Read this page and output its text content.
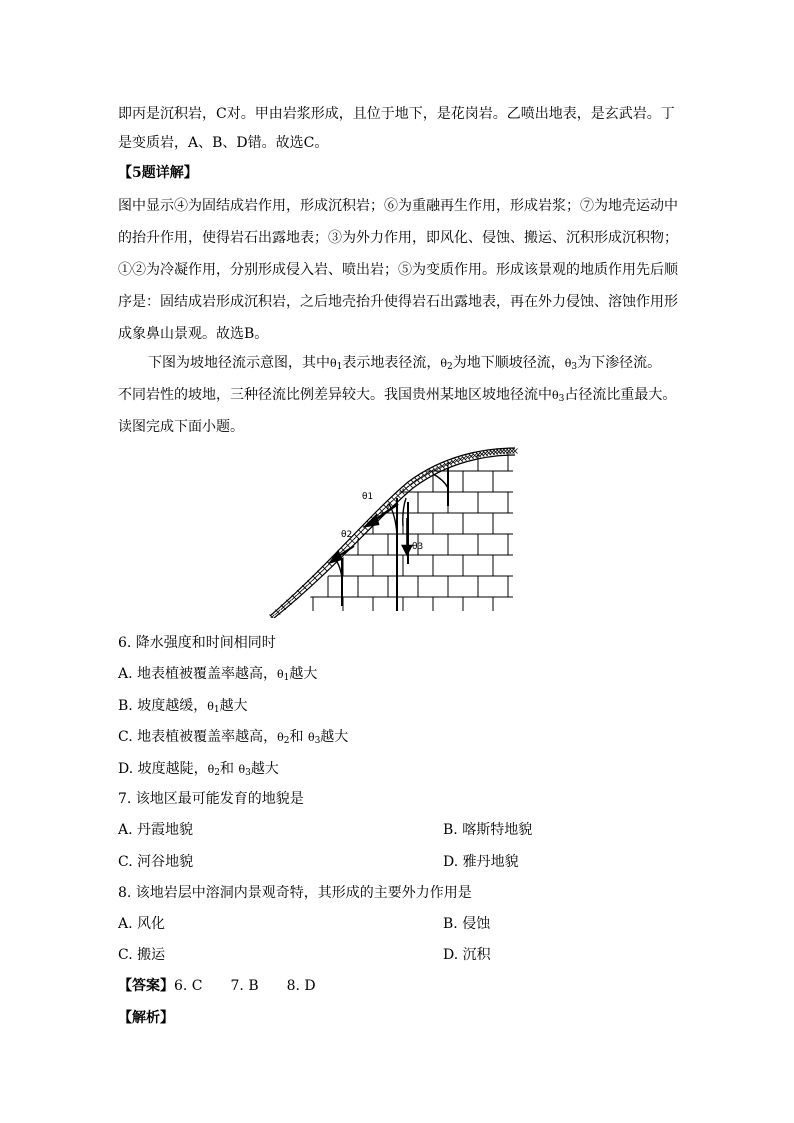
即丙是沉积岩，C对。甲由岩浆形成，且位于地下，是花岗岩。乙喷出地表，是玄武岩。丁
是变质岩，A、B、D错。故选C。
【5题详解】
图中显示④为固结成岩作用，形成沉积岩；⑥为重融再生作用，形成岩浆；⑦为地壳运动中
的抬升作用，使得岩石出露地表；③为外力作用，即风化、侵蚀、搬运、沉积形成沉积物；
①②为冷凝作用，分别形成侵入岩、喷出岩；⑤为变质作用。形成该景观的地质作用先后顺
序是：固结成岩形成沉积岩，之后地壳抬升使得岩石出露地表，再在外力侵蚀、溶蚀作用形
成象鼻山景观。故选B。
下图为坡地径流示意图，其中$\theta_1$表示地表径流，$\theta_2$为地下顺坡径流，$\theta_3$为下渗径流。
不同岩性的坡地，三种径流比例差异较大。我国贵州某地区坡地径流中$\theta_3$占径流比重最大。
读图完成下面小题。
θ1
θ2
θ3
6. 降水强度和时间相同时
A. 地表植被覆盖率越高，$\theta_1$越大
B. 坡度越缓，$\theta_1$越大
C. 地表植被覆盖率越高，$\theta_2$和 $\theta_3$越大
D. 坡度越陡，$\theta_2$和 $\theta_3$越大
7. 该地区最可能发育的地貌是
A. 丹霞地貌	B. 喀斯特地貌
C. 河谷地貌	D. 雅丹地貌
8. 该地岩层中溶洞内景观奇特，其形成的主要外力作用是
A. 风化	B. 侵蚀
C. 搬运	D. 沉积
【答案】6. C　　7. B　　8. D
【解析】
